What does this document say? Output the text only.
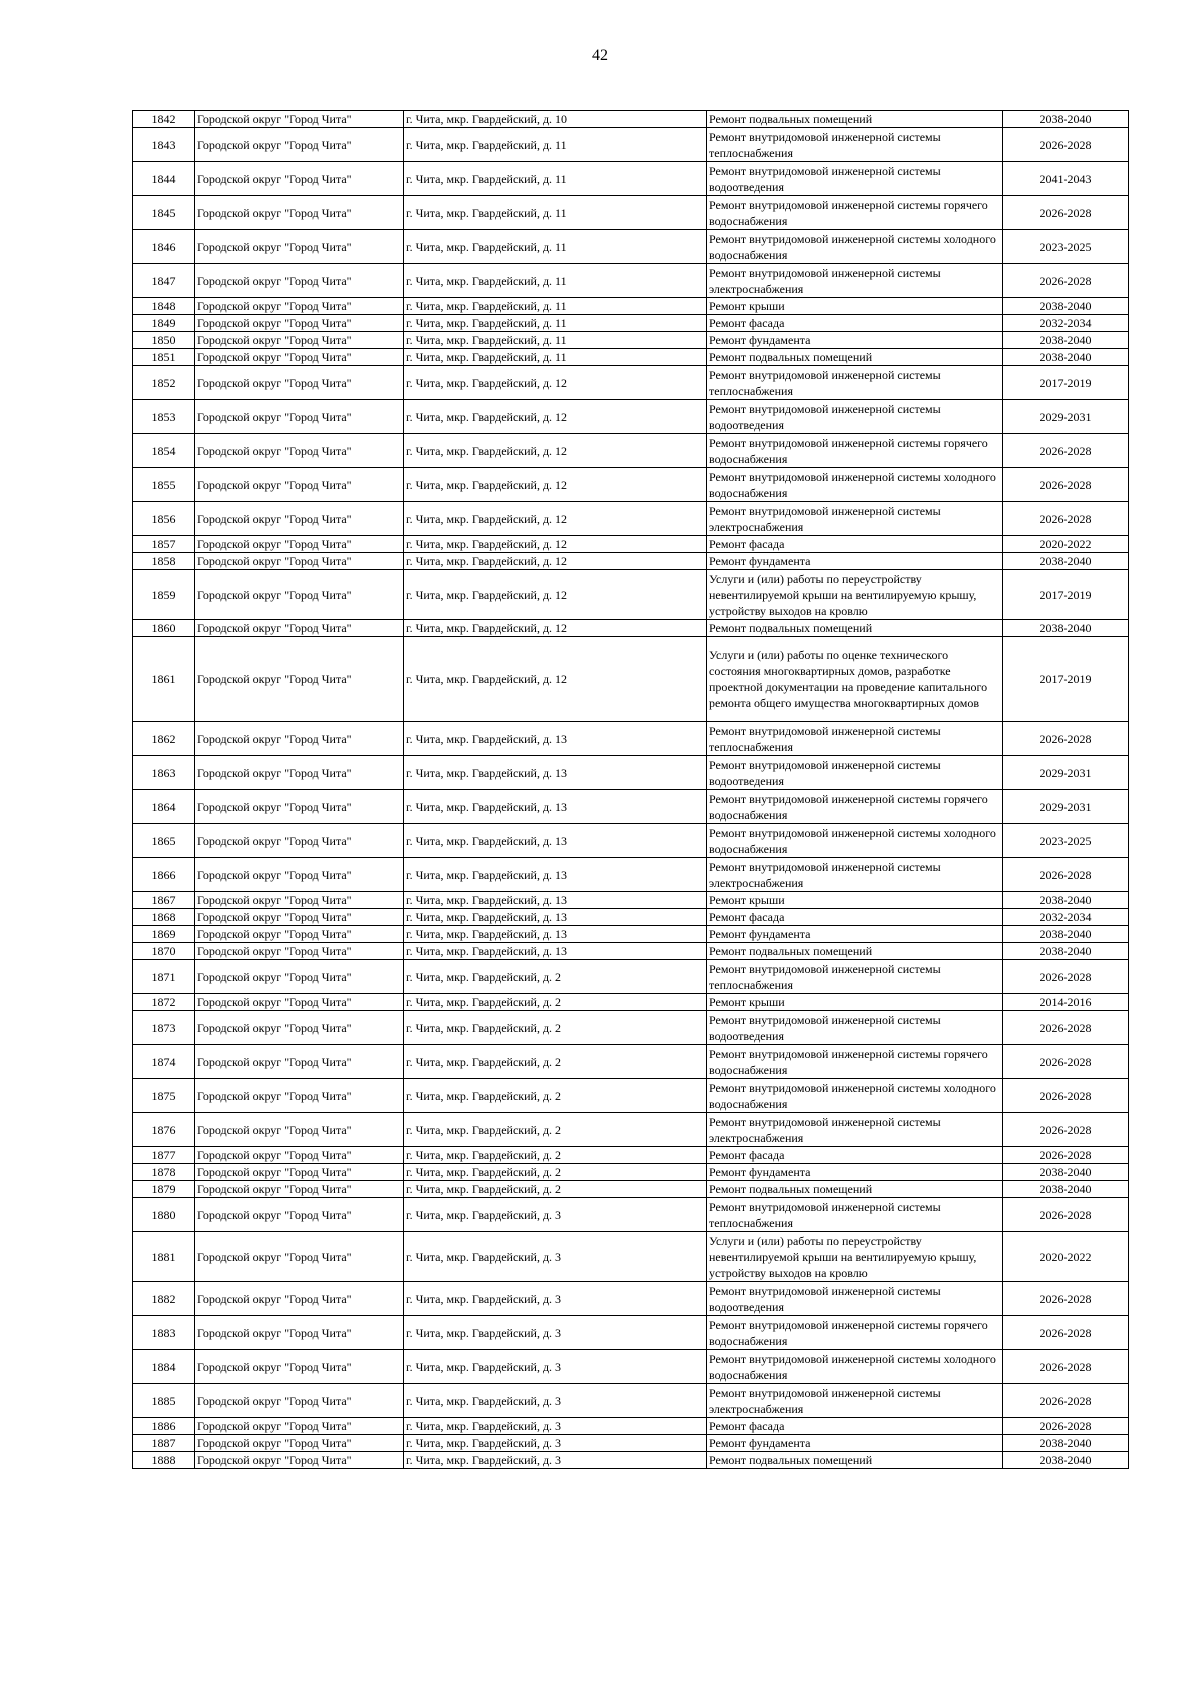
42
1842	Городской округ "Город Чита"	г. Чита, мкр. Гвардейский, д. 10	Ремонт подвальных помещений	2038-2040
1843	Городской округ "Город Чита"	г. Чита, мкр. Гвардейский, д. 11	Ремонт внутридомовой инженерной системы теплоснабжения	2026-2028
1844	Городской округ "Город Чита"	г. Чита, мкр. Гвардейский, д. 11	Ремонт внутридомовой инженерной системы водоотведения	2041-2043
1845	Городской округ "Город Чита"	г. Чита, мкр. Гвардейский, д. 11	Ремонт внутридомовой инженерной системы горячего водоснабжения	2026-2028
1846	Городской округ "Город Чита"	г. Чита, мкр. Гвардейский, д. 11	Ремонт внутридомовой инженерной системы холодного водоснабжения	2023-2025
1847	Городской округ "Город Чита"	г. Чита, мкр. Гвардейский, д. 11	Ремонт внутридомовой инженерной системы электроснабжения	2026-2028
1848	Городской округ "Город Чита"	г. Чита, мкр. Гвардейский, д. 11	Ремонт крыши	2038-2040
1849	Городской округ "Город Чита"	г. Чита, мкр. Гвардейский, д. 11	Ремонт фасада	2032-2034
1850	Городской округ "Город Чита"	г. Чита, мкр. Гвардейский, д. 11	Ремонт фундамента	2038-2040
1851	Городской округ "Город Чита"	г. Чита, мкр. Гвардейский, д. 11	Ремонт подвальных помещений	2038-2040
1852	Городской округ "Город Чита"	г. Чита, мкр. Гвардейский, д. 12	Ремонт внутридомовой инженерной системы теплоснабжения	2017-2019
1853	Городской округ "Город Чита"	г. Чита, мкр. Гвардейский, д. 12	Ремонт внутридомовой инженерной системы водоотведения	2029-2031
1854	Городской округ "Город Чита"	г. Чита, мкр. Гвардейский, д. 12	Ремонт внутридомовой инженерной системы горячего водоснабжения	2026-2028
1855	Городской округ "Город Чита"	г. Чита, мкр. Гвардейский, д. 12	Ремонт внутридомовой инженерной системы холодного водоснабжения	2026-2028
1856	Городской округ "Город Чита"	г. Чита, мкр. Гвардейский, д. 12	Ремонт внутридомовой инженерной системы электроснабжения	2026-2028
1857	Городской округ "Город Чита"	г. Чита, мкр. Гвардейский, д. 12	Ремонт фасада	2020-2022
1858	Городской округ "Город Чита"	г. Чита, мкр. Гвардейский, д. 12	Ремонт фундамента	2038-2040
1859	Городской округ "Город Чита"	г. Чита, мкр. Гвардейский, д. 12	Услуги и (или) работы по переустройству невентилируемой крыши на вентилируемую крышу, устройству выходов на кровлю	2017-2019
1860	Городской округ "Город Чита"	г. Чита, мкр. Гвардейский, д. 12	Ремонт подвальных помещений	2038-2040
1861	Городской округ "Город Чита"	г. Чита, мкр. Гвардейский, д. 12	Услуги и (или) работы по оценке технического состояния многоквартирных домов, разработке проектной документации на проведение капитального ремонта общего имущества многоквартирных домов	2017-2019
1862	Городской округ "Город Чита"	г. Чита, мкр. Гвардейский, д. 13	Ремонт внутридомовой инженерной системы теплоснабжения	2026-2028
1863	Городской округ "Город Чита"	г. Чита, мкр. Гвардейский, д. 13	Ремонт внутридомовой инженерной системы водоотведения	2029-2031
1864	Городской округ "Город Чита"	г. Чита, мкр. Гвардейский, д. 13	Ремонт внутридомовой инженерной системы горячего водоснабжения	2029-2031
1865	Городской округ "Город Чита"	г. Чита, мкр. Гвардейский, д. 13	Ремонт внутридомовой инженерной системы холодного водоснабжения	2023-2025
1866	Городской округ "Город Чита"	г. Чита, мкр. Гвардейский, д. 13	Ремонт внутридомовой инженерной системы электроснабжения	2026-2028
1867	Городской округ "Город Чита"	г. Чита, мкр. Гвардейский, д. 13	Ремонт крыши	2038-2040
1868	Городской округ "Город Чита"	г. Чита, мкр. Гвардейский, д. 13	Ремонт фасада	2032-2034
1869	Городской округ "Город Чита"	г. Чита, мкр. Гвардейский, д. 13	Ремонт фундамента	2038-2040
1870	Городской округ "Город Чита"	г. Чита, мкр. Гвардейский, д. 13	Ремонт подвальных помещений	2038-2040
1871	Городской округ "Город Чита"	г. Чита, мкр. Гвардейский, д. 2	Ремонт внутридомовой инженерной системы теплоснабжения	2026-2028
1872	Городской округ "Город Чита"	г. Чита, мкр. Гвардейский, д. 2	Ремонт крыши	2014-2016
1873	Городской округ "Город Чита"	г. Чита, мкр. Гвардейский, д. 2	Ремонт внутридомовой инженерной системы водоотведения	2026-2028
1874	Городской округ "Город Чита"	г. Чита, мкр. Гвардейский, д. 2	Ремонт внутридомовой инженерной системы горячего водоснабжения	2026-2028
1875	Городской округ "Город Чита"	г. Чита, мкр. Гвардейский, д. 2	Ремонт внутридомовой инженерной системы холодного водоснабжения	2026-2028
1876	Городской округ "Город Чита"	г. Чита, мкр. Гвардейский, д. 2	Ремонт внутридомовой инженерной системы электроснабжения	2026-2028
1877	Городской округ "Город Чита"	г. Чита, мкр. Гвардейский, д. 2	Ремонт фасада	2026-2028
1878	Городской округ "Город Чита"	г. Чита, мкр. Гвардейский, д. 2	Ремонт фундамента	2038-2040
1879	Городской округ "Город Чита"	г. Чита, мкр. Гвардейский, д. 2	Ремонт подвальных помещений	2038-2040
1880	Городской округ "Город Чита"	г. Чита, мкр. Гвардейский, д. 3	Ремонт внутридомовой инженерной системы теплоснабжения	2026-2028
1881	Городской округ "Город Чита"	г. Чита, мкр. Гвардейский, д. 3	Услуги и (или) работы по переустройству невентилируемой крыши на вентилируемую крышу, устройству выходов на кровлю	2020-2022
1882	Городской округ "Город Чита"	г. Чита, мкр. Гвардейский, д. 3	Ремонт внутридомовой инженерной системы водоотведения	2026-2028
1883	Городской округ "Город Чита"	г. Чита, мкр. Гвардейский, д. 3	Ремонт внутридомовой инженерной системы горячего водоснабжения	2026-2028
1884	Городской округ "Город Чита"	г. Чита, мкр. Гвардейский, д. 3	Ремонт внутридомовой инженерной системы холодного водоснабжения	2026-2028
1885	Городской округ "Город Чита"	г. Чита, мкр. Гвардейский, д. 3	Ремонт внутридомовой инженерной системы электроснабжения	2026-2028
1886	Городской округ "Город Чита"	г. Чита, мкр. Гвардейский, д. 3	Ремонт фасада	2026-2028
1887	Городской округ "Город Чита"	г. Чита, мкр. Гвардейский, д. 3	Ремонт фундамента	2038-2040
1888	Городской округ "Город Чита"	г. Чита, мкр. Гвардейский, д. 3	Ремонт подвальных помещений	2038-2040
